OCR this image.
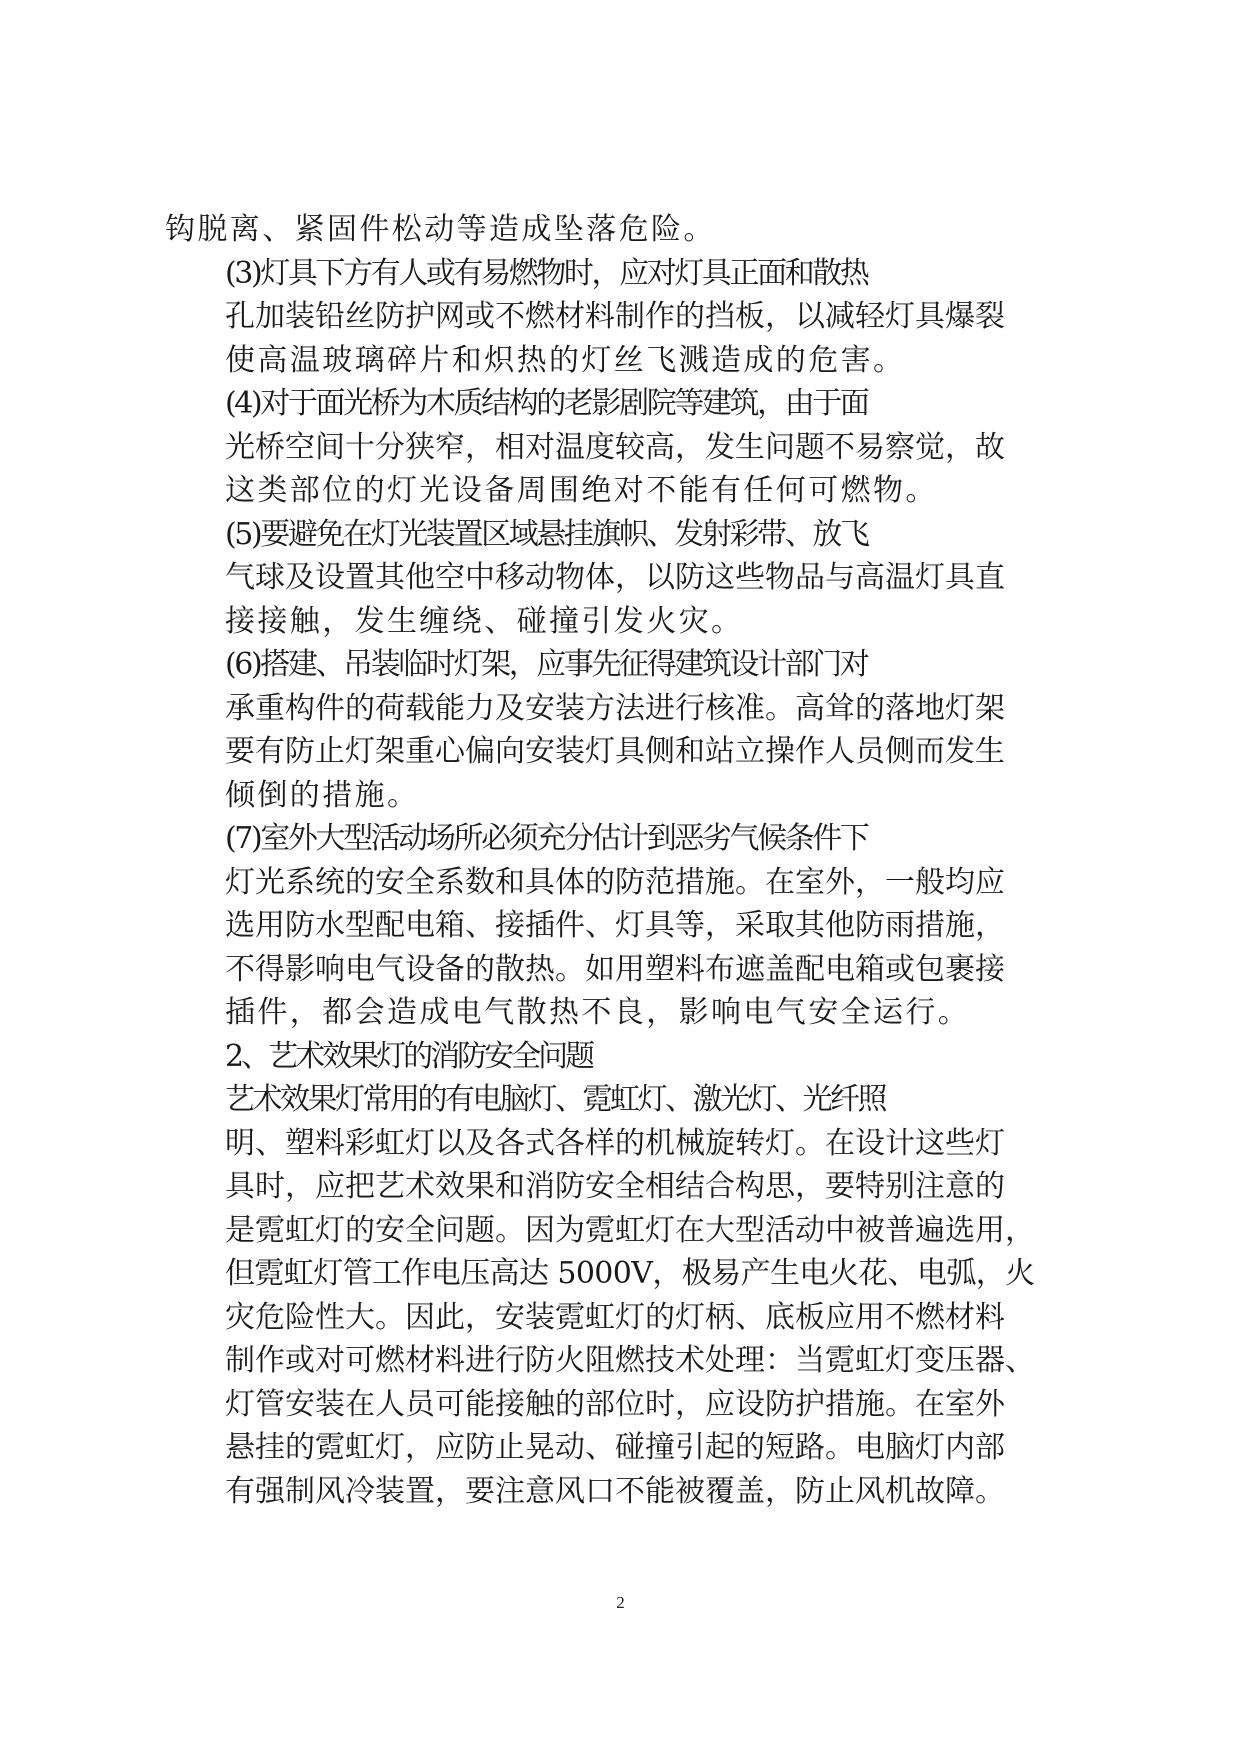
钩脱离、紧固件松动等造成坠落危险。
(3)灯具下方有人或有易燃物时，应对灯具正面和散热
孔加装铅丝防护网或不燃材料制作的挡板，以减轻灯具爆裂
使高温玻璃碎片和炽热的灯丝飞溅造成的危害。
(4)对于面光桥为木质结构的老影剧院等建筑，由于面
光桥空间十分狭窄，相对温度较高，发生问题不易察觉，故
这类部位的灯光设备周围绝对不能有任何可燃物。
(5)要避免在灯光装置区域悬挂旗帜、发射彩带、放飞
气球及设置其他空中移动物体，以防这些物品与高温灯具直
接接触，发生缠绕、碰撞引发火灾。
(6)搭建、吊装临时灯架，应事先征得建筑设计部门对
承重构件的荷载能力及安装方法进行核准。高耸的落地灯架
要有防止灯架重心偏向安装灯具侧和站立操作人员侧而发生
倾倒的措施。
(7)室外大型活动场所必须充分估计到恶劣气候条件下
灯光系统的安全系数和具体的防范措施。在室外，一般均应
选用防水型配电箱、接插件、灯具等，采取其他防雨措施，
不得影响电气设备的散热。如用塑料布遮盖配电箱或包裹接
插件，都会造成电气散热不良，影响电气安全运行。
2、艺术效果灯的消防安全问题
艺术效果灯常用的有电脑灯、霓虹灯、激光灯、光纤照
明、塑料彩虹灯以及各式各样的机械旋转灯。在设计这些灯
具时，应把艺术效果和消防安全相结合构思，要特别注意的
是霓虹灯的安全问题。因为霓虹灯在大型活动中被普遍选用，
但霓虹灯管工作电压高达 5000V，极易产生电火花、电弧，火
灾危险性大。因此，安装霓虹灯的灯柄、底板应用不燃材料
制作或对可燃材料进行防火阻燃技术处理：当霓虹灯变压器、
灯管安装在人员可能接触的部位时，应设防护措施。在室外
悬挂的霓虹灯，应防止晃动、碰撞引起的短路。电脑灯内部
有强制风冷装置，要注意风口不能被覆盖，防止风机故障。
2
